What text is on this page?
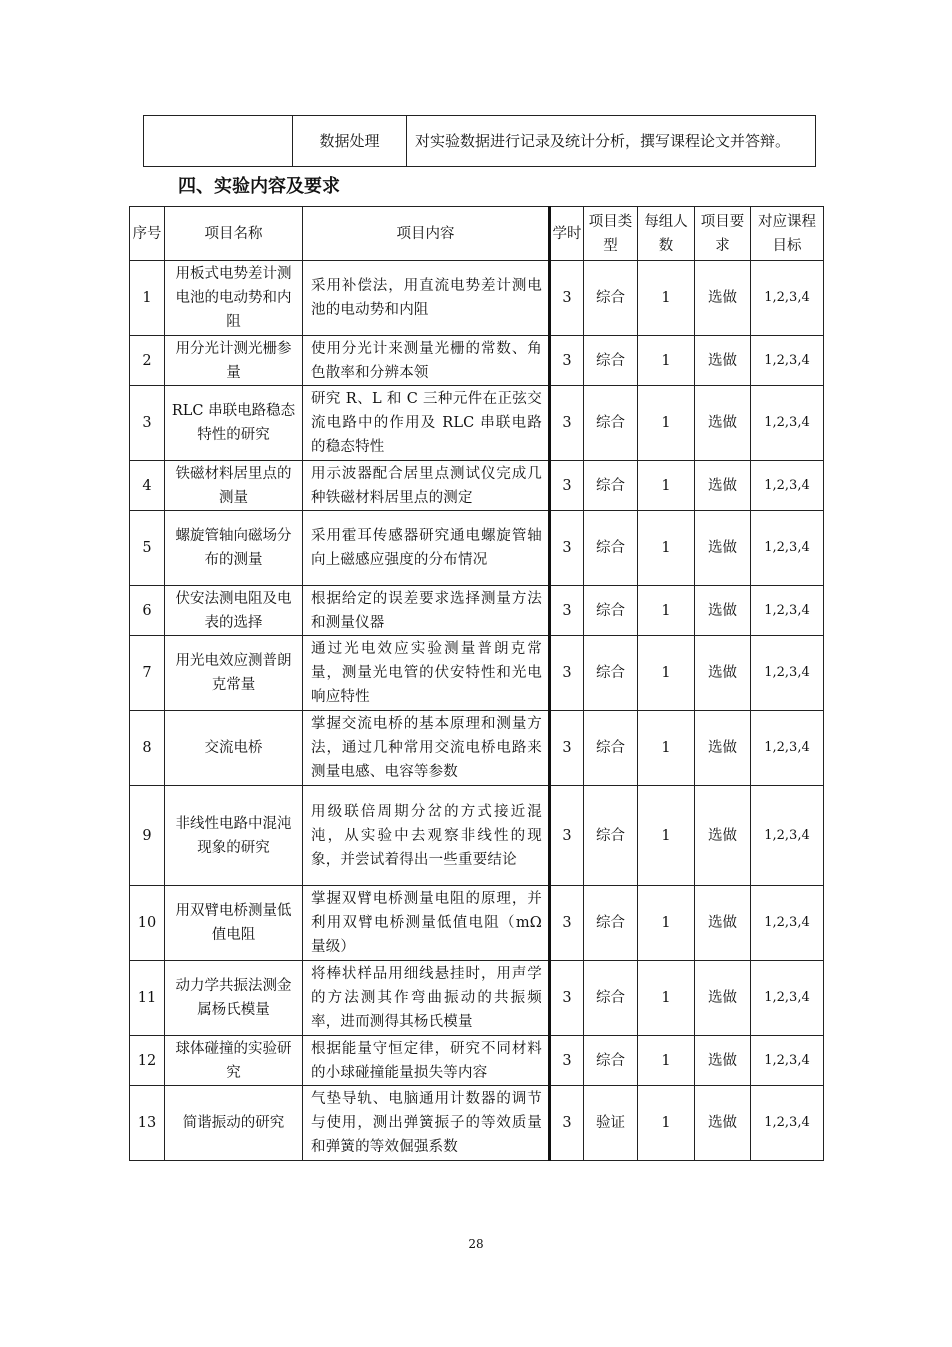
	数据处理	对实验数据进行记录及统计分析，撰写课程论文并答辩。
四、实验内容及要求
序号	项目名称	项目内容	学时	项目类型	每组人数	项目要求	对应课程目标
1	用板式电势差计测电池的电动势和内阻	采用补偿法，用直流电势差计测电池的电动势和内阻	3	综合	1	选做	1,2,3,4
2	用分光计测光栅参量	使用分光计来测量光栅的常数、角色散率和分辨本领	3	综合	1	选做	1,2,3,4
3	RLC 串联电路稳态特性的研究	研究 R、L 和 C 三种元件在正弦交流电路中的作用及 RLC 串联电路的稳态特性	3	综合	1	选做	1,2,3,4
4	铁磁材料居里点的测量	用示波器配合居里点测试仪完成几种铁磁材料居里点的测定	3	综合	1	选做	1,2,3,4
5	螺旋管轴向磁场分布的测量	采用霍耳传感器研究通电螺旋管轴向上磁感应强度的分布情况	3	综合	1	选做	1,2,3,4
6	伏安法测电阻及电表的选择	根据给定的误差要求选择测量方法和测量仪器	3	综合	1	选做	1,2,3,4
7	用光电效应测普朗克常量	通过光电效应实验测量普朗克常量，测量光电管的伏安特性和光电响应特性	3	综合	1	选做	1,2,3,4
8	交流电桥	掌握交流电桥的基本原理和测量方法，通过几种常用交流电桥电路来测量电感、电容等参数	3	综合	1	选做	1,2,3,4
9	非线性电路中混沌现象的研究	用级联倍周期分岔的方式接近混沌，从实验中去观察非线性的现象，并尝试着得出一些重要结论	3	综合	1	选做	1,2,3,4
10	用双臂电桥测量低值电阻	掌握双臂电桥测量电阻的原理，并利用双臂电桥测量低值电阻（mΩ 量级）	3	综合	1	选做	1,2,3,4
11	动力学共振法测金属杨氏模量	将棒状样品用细线悬挂时，用声学的方法测其作弯曲振动的共振频率，进而测得其杨氏模量	3	综合	1	选做	1,2,3,4
12	球体碰撞的实验研究	根据能量守恒定律，研究不同材料的小球碰撞能量损失等内容	3	综合	1	选做	1,2,3,4
13	简谐振动的研究	气垫导轨、电脑通用计数器的调节与使用，测出弹簧振子的等效质量和弹簧的等效倔强系数	3	验证	1	选做	1,2,3,4
28
